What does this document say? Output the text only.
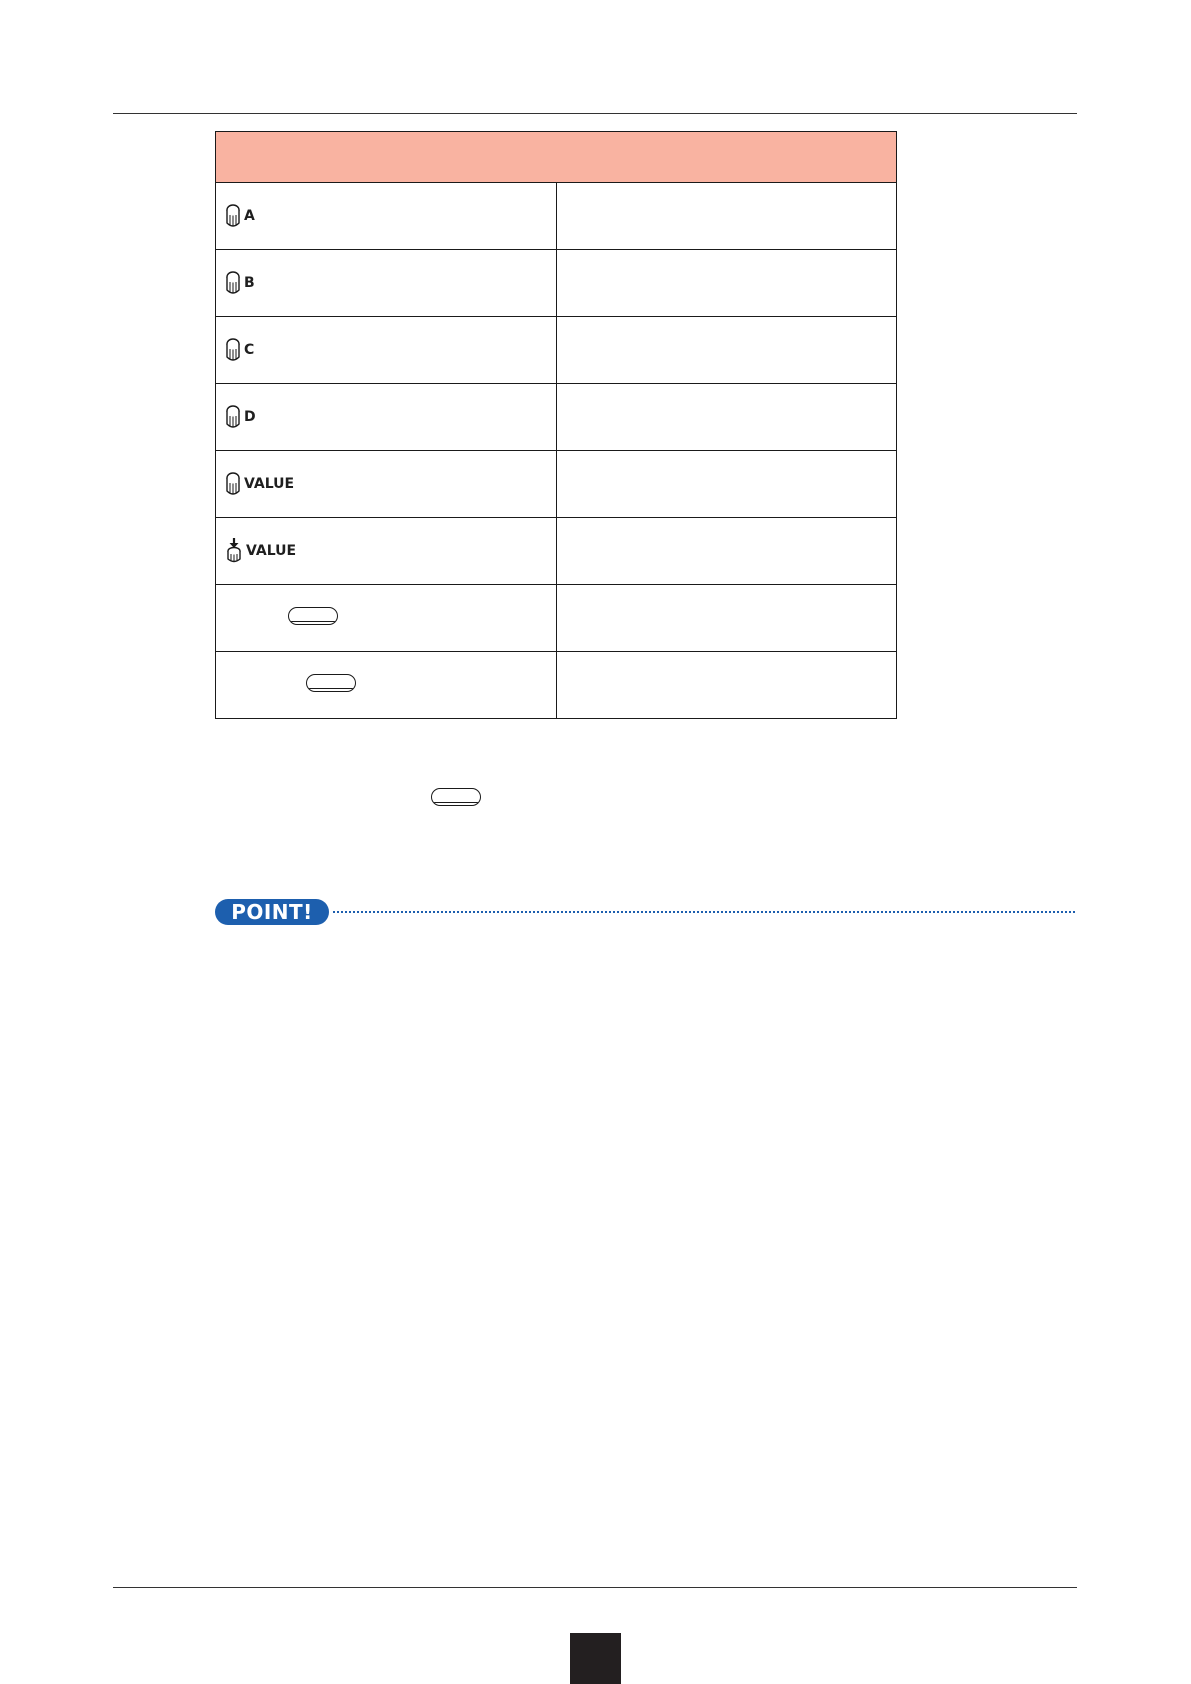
A	

B	

C	

D	

VALUE	

VALUE	

POINT!
